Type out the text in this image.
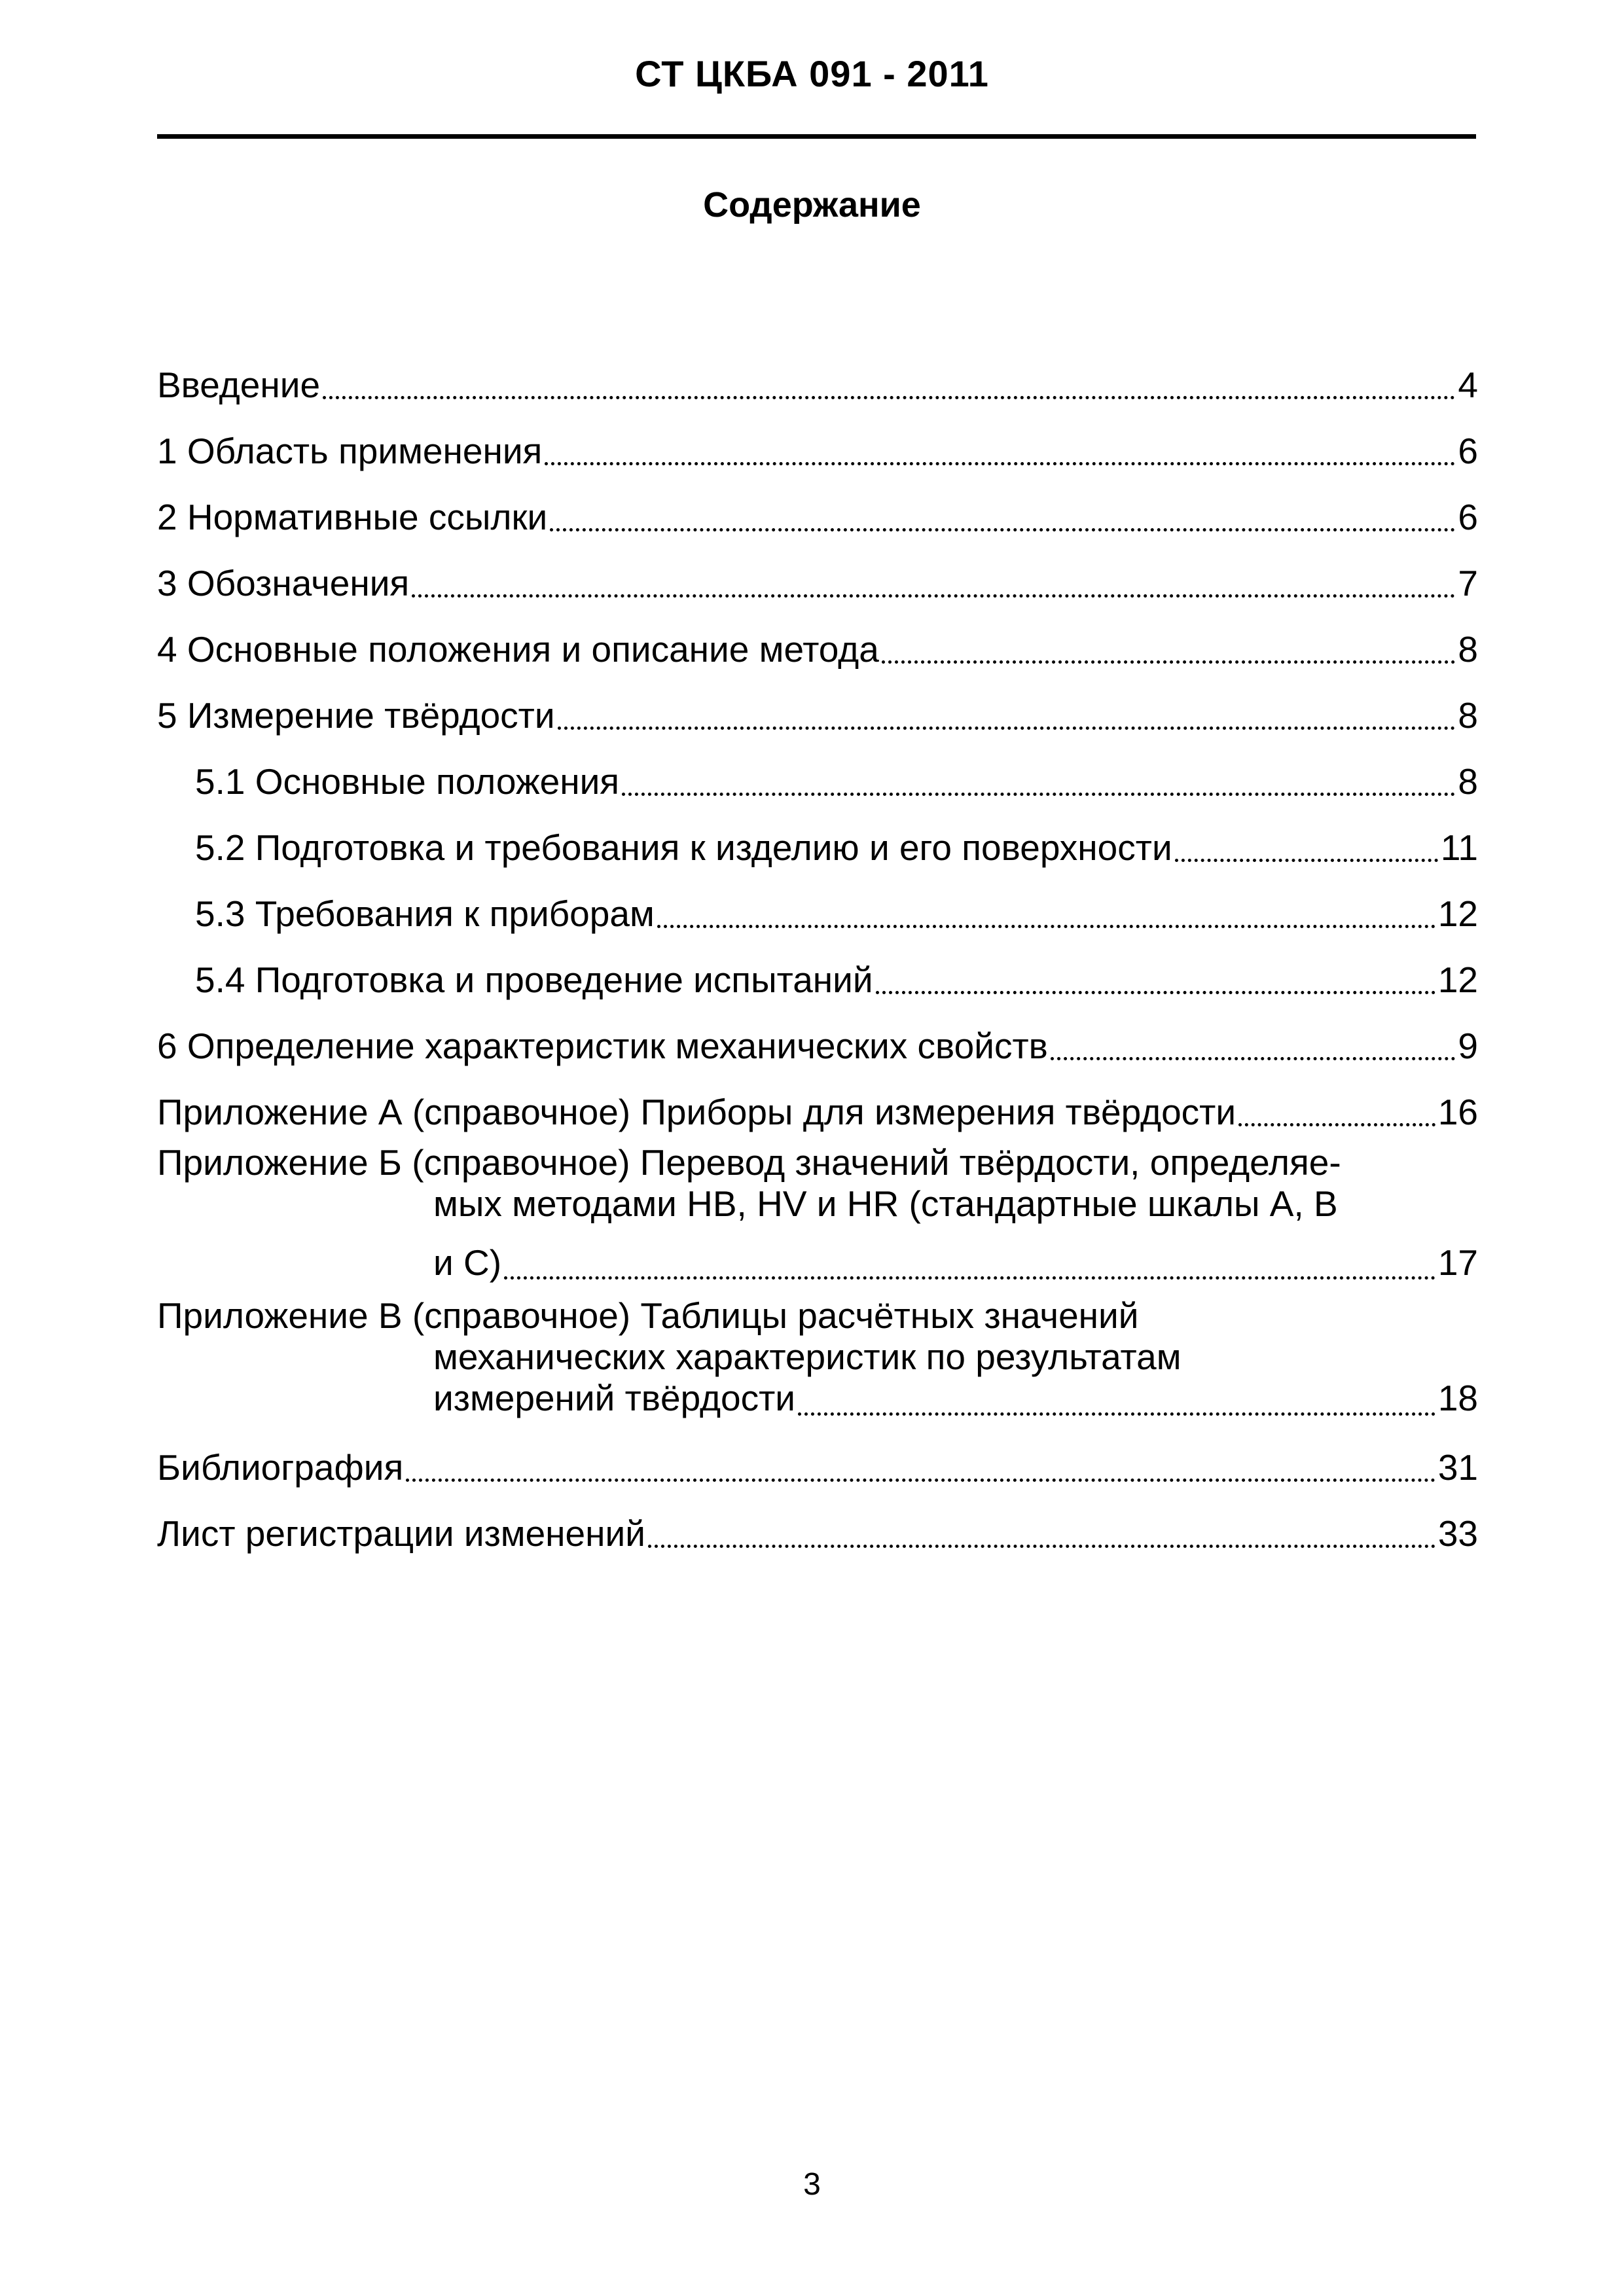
СТ ЦКБА 091 - 2011
Содержание
Введение	4
1 Область применения	6
2 Нормативные ссылки	6
3 Обозначения	7
4 Основные положения и описание метода	8
5 Измерение твёрдости	8
5.1 Основные положения	8
5.2 Подготовка и требования к изделию и его поверхности	11
5.3 Требования к приборам	12
5.4 Подготовка и проведение испытаний	12
6 Определение характеристик механических свойств	9
Приложение А (справочное) Приборы для измерения твёрдости	16
Приложение Б (справочное) Перевод значений твёрдости, определяе-
мых методами HB, HV и HR (стандартные шкалы А, В
и С)	17
Приложение В (справочное) Таблицы расчётных значений
механических характеристик по результатам
измерений твёрдости	18
Библиография	31
Лист регистрации изменений	33
3
